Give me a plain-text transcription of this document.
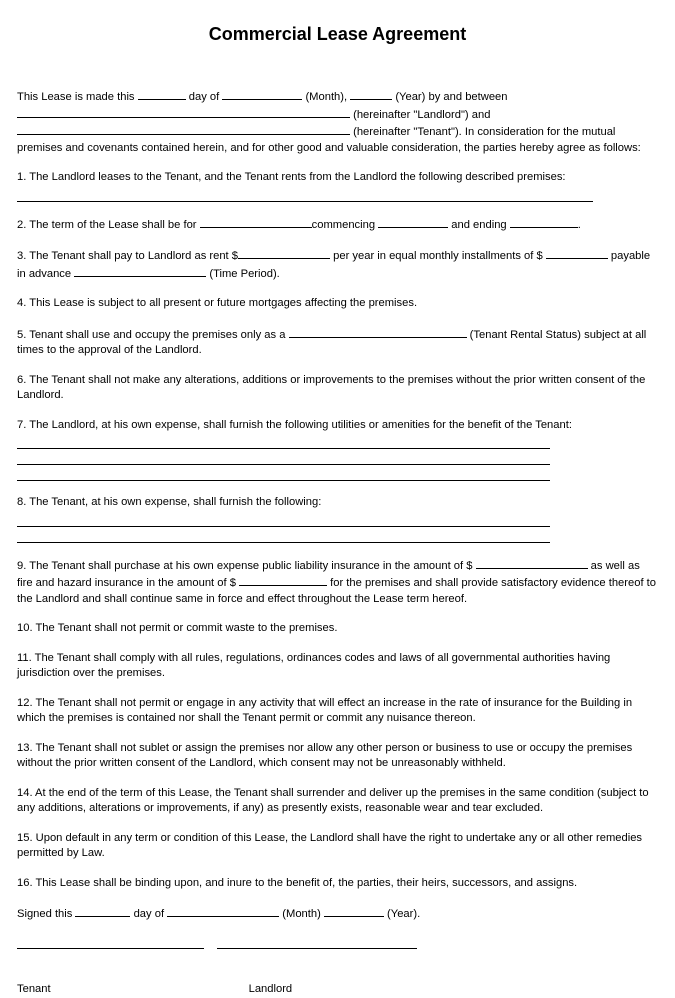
Commercial Lease Agreement

This Lease is made this	day of	(Month),	(Year) by and between
(hereinafter "Landlord") and
(hereinafter "Tenant"). In consideration for the mutual premises and covenants contained herein, and for other good and valuable consideration, the parties hereby agree as follows:

1. The Landlord leases to the Tenant, and the Tenant rents from the Landlord the following described premises:

2. The term of the Lease shall be for	commencing	and ending	.

3. The Tenant shall pay to Landlord as rent $	per year in equal monthly installments of $	payable in advance	(Time Period).

4. This Lease is subject to all present or future mortgages affecting the premises.

5. Tenant shall use and occupy the premises only as a	(Tenant Rental Status) subject at all times to the approval of the Landlord.

6. The Tenant shall not make any alterations, additions or improvements to the premises without the prior written consent of the Landlord.

7. The Landlord, at his own expense, shall furnish the following utilities or amenities for the benefit of the Tenant:

8. The Tenant, at his own expense, shall furnish the following:

9. The Tenant shall purchase at his own expense public liability insurance in the amount of $	as well as fire and hazard insurance in the amount of $	for the premises and shall provide satisfactory evidence thereof to the Landlord and shall continue same in force and effect throughout the Lease term hereof.

10. The Tenant shall not permit or commit waste to the premises.

11. The Tenant shall comply with all rules, regulations, ordinances codes and laws of all governmental authorities having jurisdiction over the premises.

12. The Tenant shall not permit or engage in any activity that will effect an increase in the rate of insurance for the Building in which the premises is contained nor shall the Tenant permit or commit any nuisance thereon.

13. The Tenant shall not sublet or assign the premises nor allow any other person or business to use or occupy the premises without the prior written consent of the Landlord, which consent may not be unreasonably withheld.

14. At the end of the term of this Lease, the Tenant shall surrender and deliver up the premises in the same condition (subject to any additions, alterations or improvements, if any) as presently exists, reasonable wear and tear excluded.

15. Upon default in any term or condition of this Lease, the Landlord shall have the right to undertake any or all other remedies permitted by Law.

16. This Lease shall be binding upon, and inure to the benefit of, the parties, their heirs, successors, and assigns.

Signed this	day of	(Month)	(Year).

Tenant	Landlord
